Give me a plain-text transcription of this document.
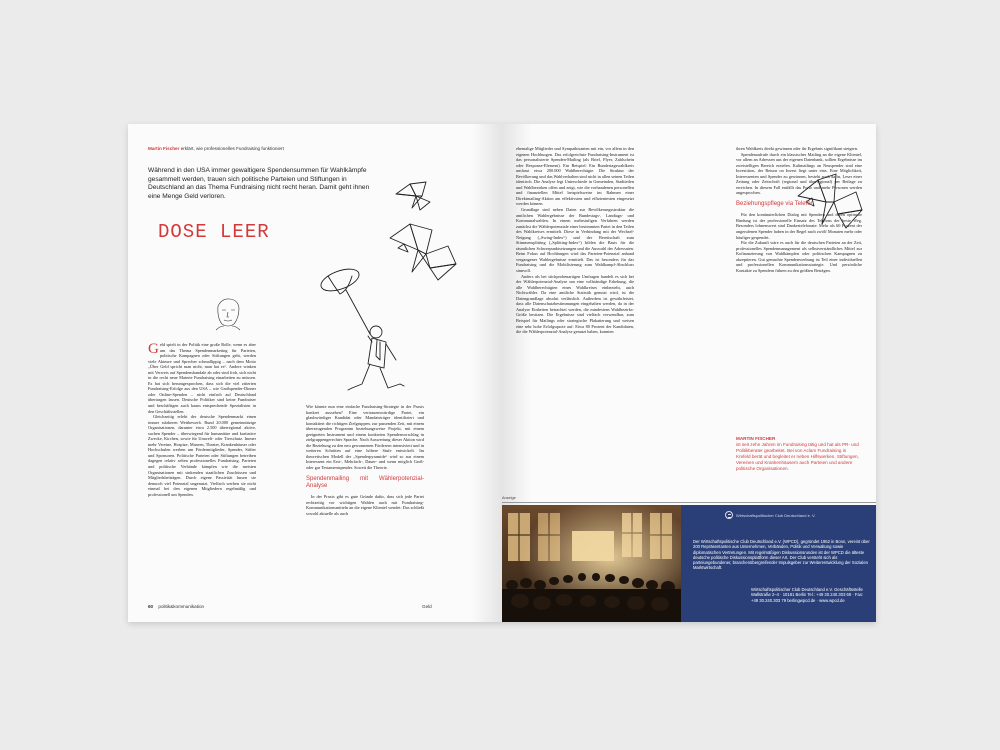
Martin Fischer erklärt, wie professionelles Fundraising funktioniert
Während in den USA immer gewaltigere Spendensummen für Wahlkämpfe gesammelt werden, trauen sich politische Parteien und Stiftungen in Deutschland an das Thema Fundraising nicht recht heran. Damit geht ihnen eine Menge Geld verloren.
DOSE LEER

Geld spielt in der Politik eine große Rolle, wenn es aber um das Thema Spendenmarketing für Parteien, politische Kampagnen oder Stiftungen geht, werden viele Akteure und Sprecher schmallippig – nach dem Motto „Über Geld spricht man nicht, man hat es“. Andere winken mit Verweis auf Spendenskandale ab oder sind froh, sich nicht in die recht neue Materie Fundraising einarbeiten zu müssen. Es hat sich herumgesprochen, dass sich die viel zitierten Fundraising-Erfolge aus den USA – wie Großspender-Dinner oder Online-Spenden – nicht einfach auf Deutschland übertragen lassen. Deutsche Politiker sind keine Fundraiser und beschäftigen auch kaum entsprechende Spezialisten in den Geschäftsstellen.

Gleichzeitig erlebt der deutsche Spendenmarkt einen immer stärkeren Wettbewerb. Rund 20.000 gemeinnützige Organisationen, darunter etwa 2.500 überregional aktive, suchen Spender – überwiegend für humanitäre und karitative Zwecke, Kirchen, sowie für Umwelt- oder Tierschutz. Immer mehr Vereine, Hospize, Museen, Theater, Krankenhäuser oder Hochschulen werben um Fördermitglieder, Spender, Stifter und Sponsoren. Politische Parteien oder Stiftungen betreiben dagegen relativ selten professionelles Fundraising. Parteien und politische Verbände kämpfen wie die meisten Organisationen mit sinkenden staatlichen Zuschüssen und Mitgliedsbeiträgen. Durch eigene Passivität lassen sie dennoch viel Potenzial ungenutzt. Vielfach werben sie nicht einmal bei den eigenen Mitgliedern regelmäßig und professionell um Spenden.

Wie könnte nun eine einfache Fundraising-Strategie in der Praxis konkret aussehen? Eine vertrauenswürdige Partei, ein glaubwürdiger Kandidat oder Mandatsträger identifiziert und kontaktiert die richtigen Zielgruppen, zur passenden Zeit, mit einem überzeugenden Programm beziehungsweise Projekt, mit einem geeigneten Instrument und einem konkreten Spendenvorschlag in zielgruppengerechter Sprache. Nach Auswertung dieser Aktion wird die Beziehung zu den neu gewonnenen Förderern intensiviert und in weiteren Schritten auf eine höhere Stufe entwickelt. Im theoretischen Modell der „Spenderpyramide“ wird so aus einem Interessent ein Erst-, Mehrfach-, Dauer- und wenn möglich Groß- oder gar Testamentspender. Soweit die Theorie.

Spendenmailing mit Wählerpotenzial-Analyse

In der Praxis gibt es gute Gründe dafür, dass sich jede Partei rechtzeitig vor wichtigen Wahlen auch mit Fundraising-Kommunikationsmitteln an die eigene Klientel wendet: Das schließt sowohl aktuelle als auch

60 politik&kommunikation	Geld

ehemalige Mitglieder und Sympathisanten mit ein, vor allem in den eigenen Hochburgen. Das erfolgreichste Fundraising-Instrument ist das personalisierte Spenden-Mailing (als Brief, Flyer, Zahlschein oder Response-Element). Ein Beispiel: Ein Bundestagswahlkreis umfasst etwa 200.000 Wahlberechtigte. Die Struktur der Bevölkerung und das Wahlverhalten sind nicht in allen seinen Teilen identisch. Die Analyse legt Unterschiede in Gemeinden, Stadtteilen und Wahlbezirken offen und zeigt, wie die vorhandenen personellen und finanziellen Mittel beispielsweise im Rahmen einer Direktmailing-Aktion am effektivsten und effizientesten eingesetzt werden können.

Grundlage sind neben Daten zur Bevölkerungsstruktur die amtlichen Wahlergebnisse der Bundestags-, Landtags- und Kommunalwahlen. In einem mehrstufigen Verfahren werden zunächst die Wählerpotenziale einer bestimmten Partei in den Teilen des Wahlkreises ermittelt. Diese in Verbindung mit der Wechsel-Neigung („Swing-Index“) und der Bereitschaft zum Stimmensplitting („Splitting-Index“) bilden die Basis für die räumlichen Schwerpunktsetzungen und die Auswahl der Adressaten. Beim Fokus auf Hochburgen wird das Parteien-Potenzial anhand vergangener Wahlergebnisse ermittelt. Das ist besonders für das Fundraising und die Mobilisierung zum Wahlkampf-Abschluss sinnvoll.

Anders als bei stichprobenartigen Umfragen handelt es sich bei der Wählerpotenzial-Analyse um eine vollständige Erhebung, die alle Wahlberechtigten eines Wahlkreises einbezieht, auch Nichtwähler. Da eine amtliche Statistik genutzt wird, ist die Datengrundlage absolut verlässlich. Außerdem ist gewährleistet, dass alle Datenschutzbestimmungen eingehalten werden, da in der Analyse Einheiten betrachtet werden, die mindestens Wahlbezirks-Größe besitzen. Die Ergebnisse sind vielfach verwendbar, zum Beispiel für Mailings oder strategische Plakatierung und weisen eine sehr hohe Erfolgsquote auf: Etwa 80 Prozent der Kandidaten, die die Wählerpotenzial-Analyse genutzt haben, konnten

ihren Wahlkreis direkt gewinnen oder ihr Ergebnis signifikant steigern.

Spendenaufrufe durch ein klassisches Mailing an die eigene Klientel, vor allem an Adressen aus der eigenen Datenbank, sollten Ergebnisse im zweistelligen Bereich erzielen. Kaltmailings an Neuspender sind eine Investition, der Return on Invest liegt unter eins. Eine Möglichkeit, Interessenten und Spender zu gewinnen, besteht auch darin, Leser einer Zeitung oder Zeitschrift (regional und überregional) per Beilage zu erreichen. In diesem Fall entfällt das Porto und mehr Personen werden angesprochen.

Beziehungspflege via Telefon

Für den kontinuierlichen Dialog mit Spendern und deren optimale Bindung ist der professionelle Einsatz des Telefons der beste Weg. Besonders lohnenswert sind Dankestelefonate: Mehr als 60 Prozent der angerufenen Spender haben in der Regel nach zwölf Monaten mehr oder häufiger gespendet.

Für die Zukunft wäre es auch für die deutschen Parteien an der Zeit, professionelles Spendenmanagement als selbstverständliches Mittel zur Kofinanzierung von Wahlkämpfen oder politischen Kampagnen zu akzeptieren. Gut gemachte Spendenwerbung ist Teil einer individuellen und professionellen Kommunikationsstrategie. Und persönliche Kontakte zu Spendern führen zu den größten Beträgen.

MARTIN FISCHER
ist seit zehn Jahren im Fundraising tätig und hat als PR- und Politikberater gearbeitet. Bei von Aclam Fundraising in Krefeld berät und begleitet er neben Hilfswerken, Stiftungen, Vereinen und Krankenhäusern auch Parteien und andere politische Organisationen.
Anzeige
Wirtschaftspolitischer Club Deutschland e. V.
Der Wirtschaftspolitische Club Deutschland e.V. (WPCD), gegründet 1952 in Bonn, vereint über 200 Repräsentanten aus Unternehmen, Verbänden, Politik und Verwaltung sowie diplomatischen Vertretungen. Mit regelmäßigen Diskussionsrunden ist der WPCD die älteste deutsche politische Diskussionsplattform dieser Art. Der Club versteht sich als parteiungebundener, branchenübergreifender Impulsgeber zur Weiterentwicklung der Sozialen Marktwirtschaft.
Wirtschaftspolitischer Club Deutschland e.V. Geschäftsstelle Wallstraße 2–4 · 10181 Berlin Tel.: +49 30.240.303 69 · Fax: +49 30.240.303 79 berlingwpcd.de · www.wpcd.de
